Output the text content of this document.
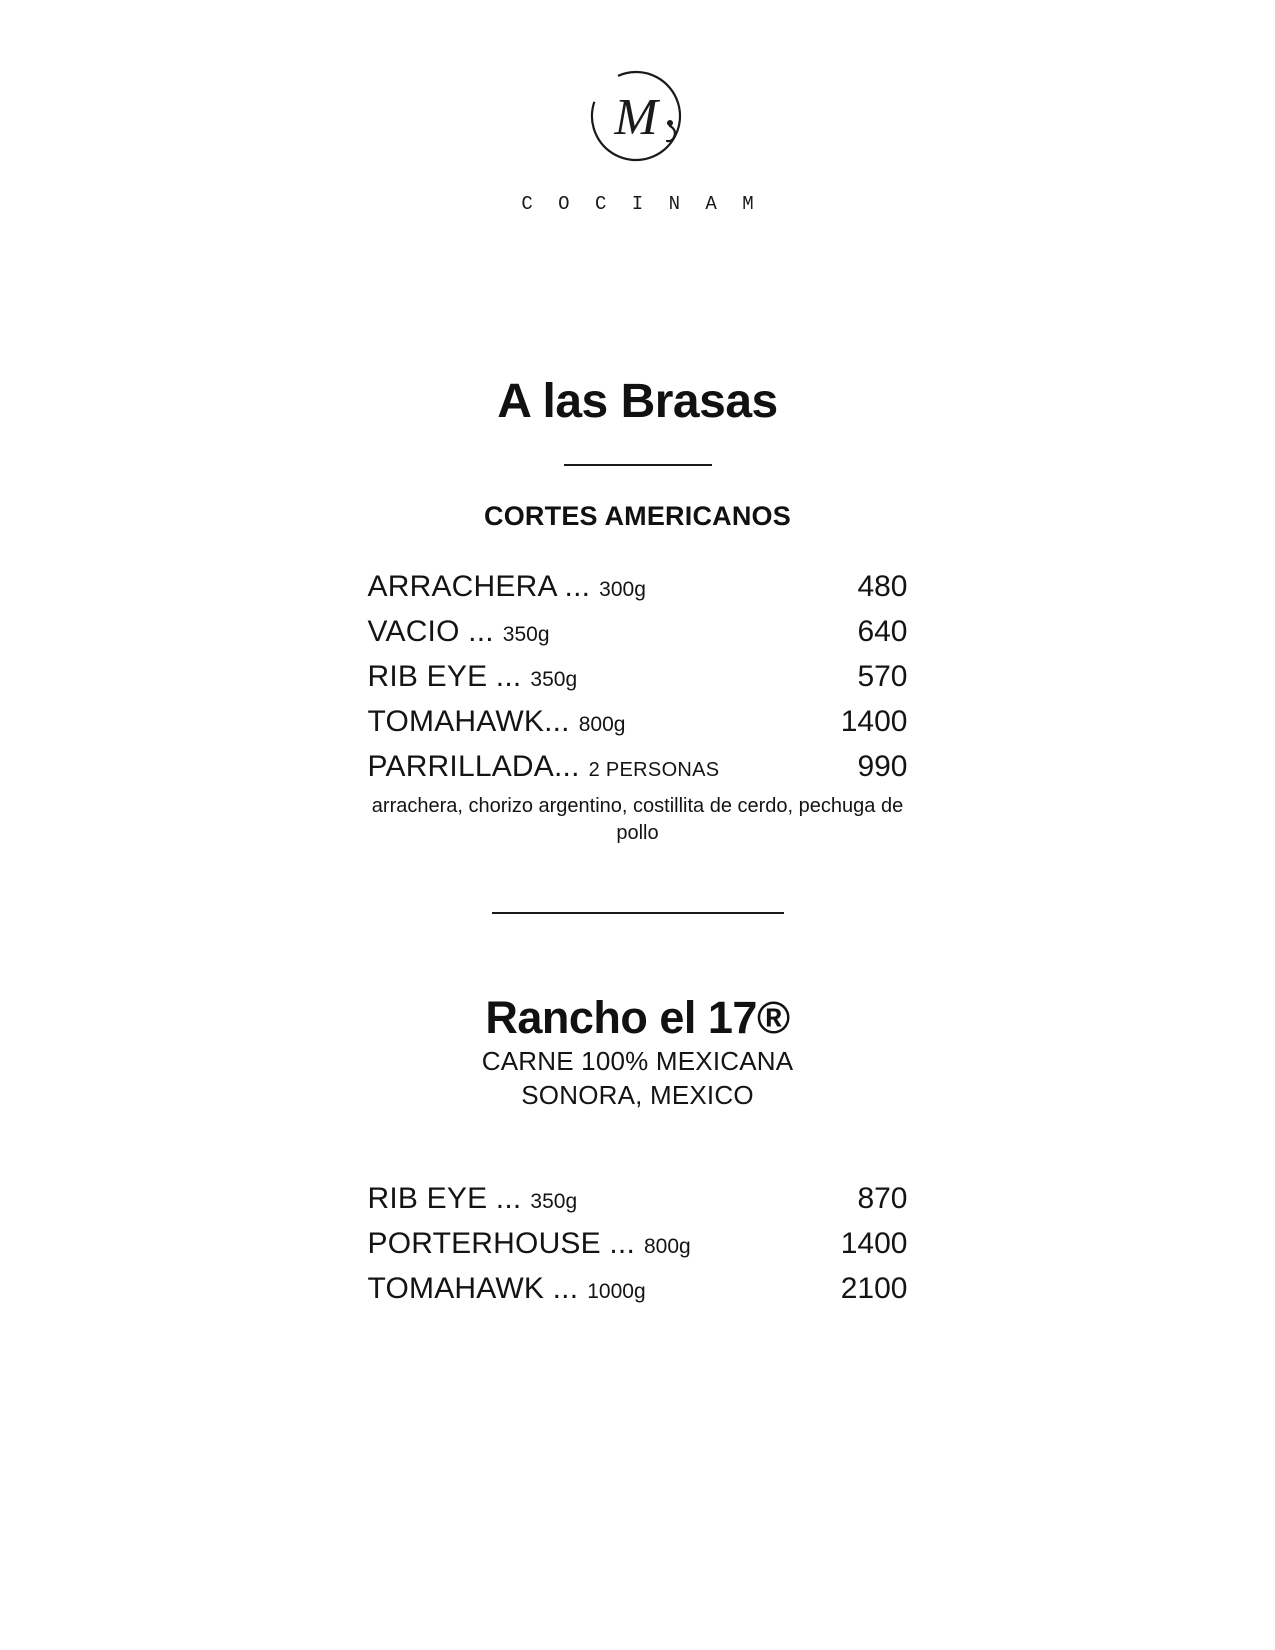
M
C O C I N A M
A las Brasas
CORTES AMERICANOS
ARRACHERA ... 300g	480
VACIO ... 350g	640
RIB EYE ... 350g	570
TOMAHAWK... 800g	1400
PARRILLADA... 2 PERSONAS	990
arrachera, chorizo argentino, costillita de cerdo, pechuga de pollo
Rancho el 17®
CARNE 100% MEXICANA
SONORA, MEXICO
RIB EYE ... 350g	870
PORTERHOUSE ... 800g	1400
TOMAHAWK ... 1000g	2100
